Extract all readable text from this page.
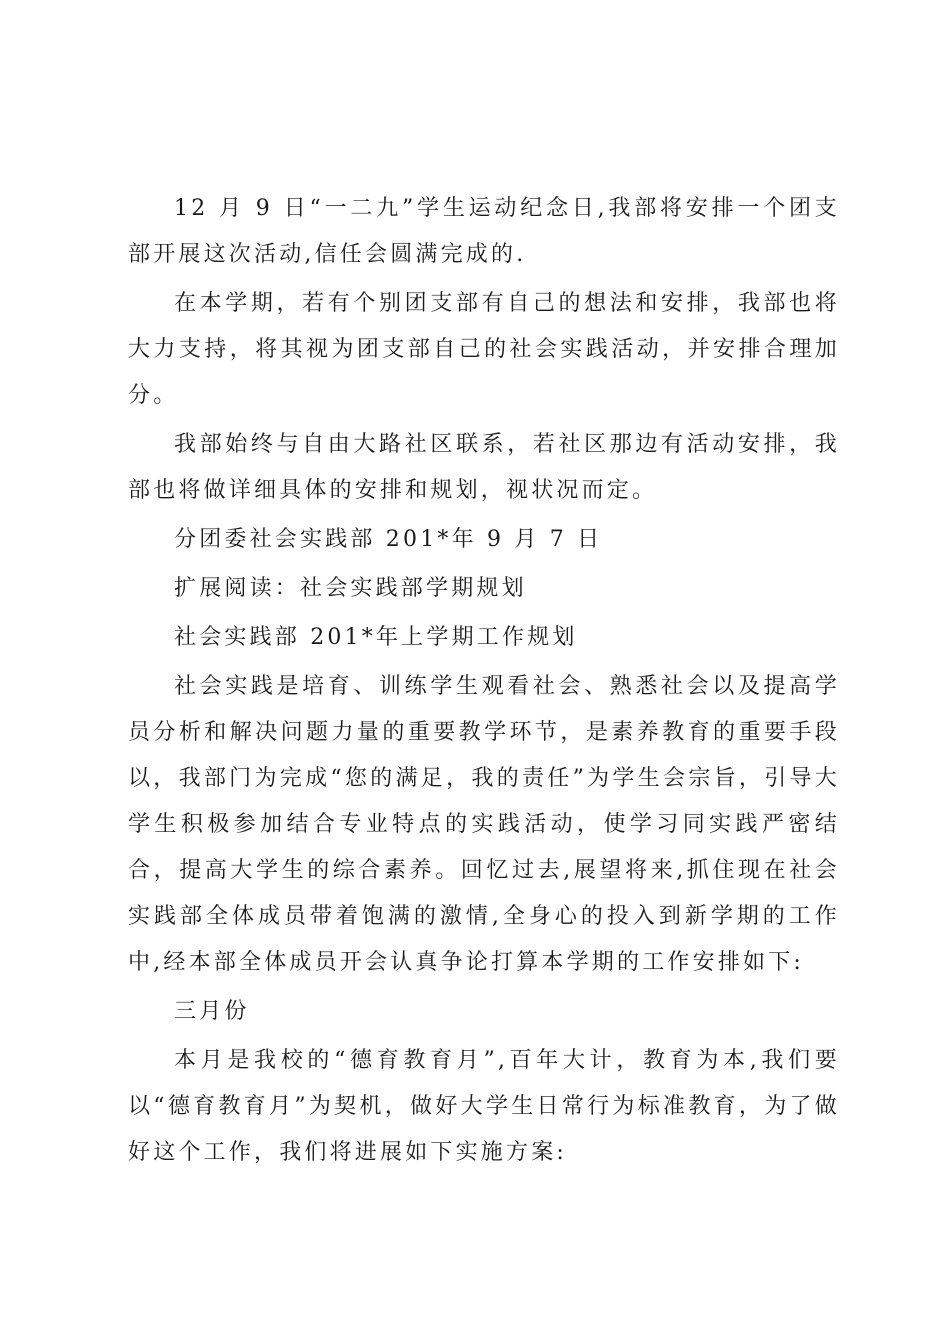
12 月 9 日“一二九”学生运动纪念日,我部将安排一个团支部开展这次活动,信任会圆满完成的.

在本学期，若有个别团支部有自己的想法和安排，我部也将大力支持，将其视为团支部自己的社会实践活动，并安排合理加分。

我部始终与自由大路社区联系，若社区那边有活动安排，我部也将做详细具体的安排和规划，视状况而定。

分团委社会实践部 201*年 9 月 7 日

扩展阅读：社会实践部学期规划

社会实践部 201*年上学期工作规划

社会实践是培育、训练学生观看社会、熟悉社会以及提高学员分析和解决问题力量的重要教学环节，是素养教育的重要手段以，我部门为完成“您的满足，我的责任”为学生会宗旨，引导大学生积极参加结合专业特点的实践活动，使学习同实践严密结合，提高大学生的综合素养。回忆过去,展望将来,抓住现在社会实践部全体成员带着饱满的激情,全身心的投入到新学期的工作中,经本部全体成员开会认真争论打算本学期的工作安排如下:

三月份

本月是我校的“德育教育月”,百年大计，教育为本,我们要以“德育教育月”为契机，做好大学生日常行为标准教育，为了做好这个工作，我们将进展如下实施方案:
